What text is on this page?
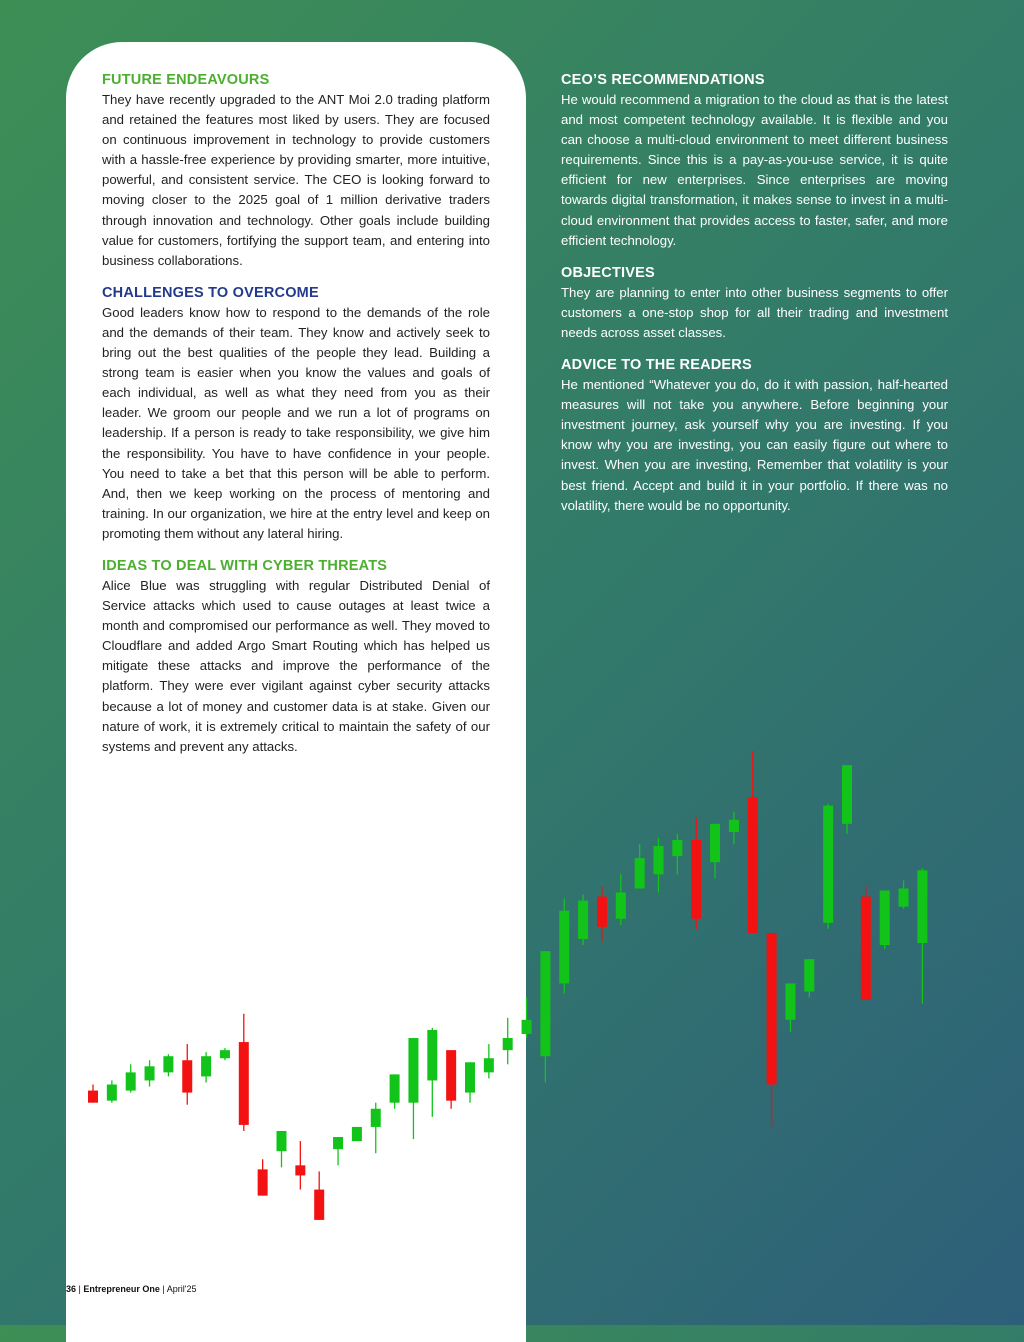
FUTURE ENDEAVOURS

They have recently upgraded to the ANT Moi 2.0 trading platform and retained the features most liked by users. They are focused on continuous improvement in technology to provide customers with a hassle-free experience by providing smarter, more intuitive, powerful, and consistent service. The CEO is looking forward to moving closer to the 2025 goal of 1 million derivative traders through innovation and technology. Other goals include building value for customers, fortifying the support team, and entering into business collaborations.

CHALLENGES TO OVERCOME

Good leaders know how to respond to the demands of the role and the demands of their team. They know and actively seek to bring out the best qualities of the people they lead. Building a strong team is easier when you know the values and goals of each individual, as well as what they need from you as their leader. We groom our people and we run a lot of programs on leadership. If a person is ready to take responsibility, we give him the responsibility. You have to have confidence in your people. You need to take a bet that this person will be able to perform. And, then we keep working on the process of mentoring and training. In our organization, we hire at the entry level and keep on promoting them without any lateral hiring.

IDEAS TO DEAL WITH CYBER THREATS

Alice Blue was struggling with regular Distributed Denial of Service attacks which used to cause outages at least twice a month and compromised our performance as well. They moved to Cloudflare and added Argo Smart Routing which has helped us mitigate these attacks and improve the performance of the platform. They were ever vigilant against cyber security attacks because a lot of money and customer data is at stake. Given our nature of work, it is extremely critical to maintain the safety of our systems and prevent any attacks.

CEO’S RECOMMENDATIONS

He would recommend a migration to the cloud as that is the latest and most competent technology available. It is flexible and you can choose a multi-cloud environment to meet different business requirements. Since this is a pay-as-you-use service, it is quite efficient for new enterprises. Since enterprises are moving towards digital transformation, it makes sense to invest in a multi-cloud environment that provides access to faster, safer, and more efficient technology.

OBJECTIVES

They are planning to enter into other business segments to offer customers a one-stop shop for all their trading and investment needs across asset classes.

ADVICE TO THE READERS

He mentioned “Whatever you do, do it with passion, half-hearted measures will not take you anywhere. Before beginning your investment journey, ask yourself why you are investing. If you know why you are investing, you can easily figure out where to invest. When you are investing, Remember that volatility is your best friend. Accept and build it in your portfolio. If there was no volatility, there would be no opportunity.

36 | Entrepreneur One | April'25
